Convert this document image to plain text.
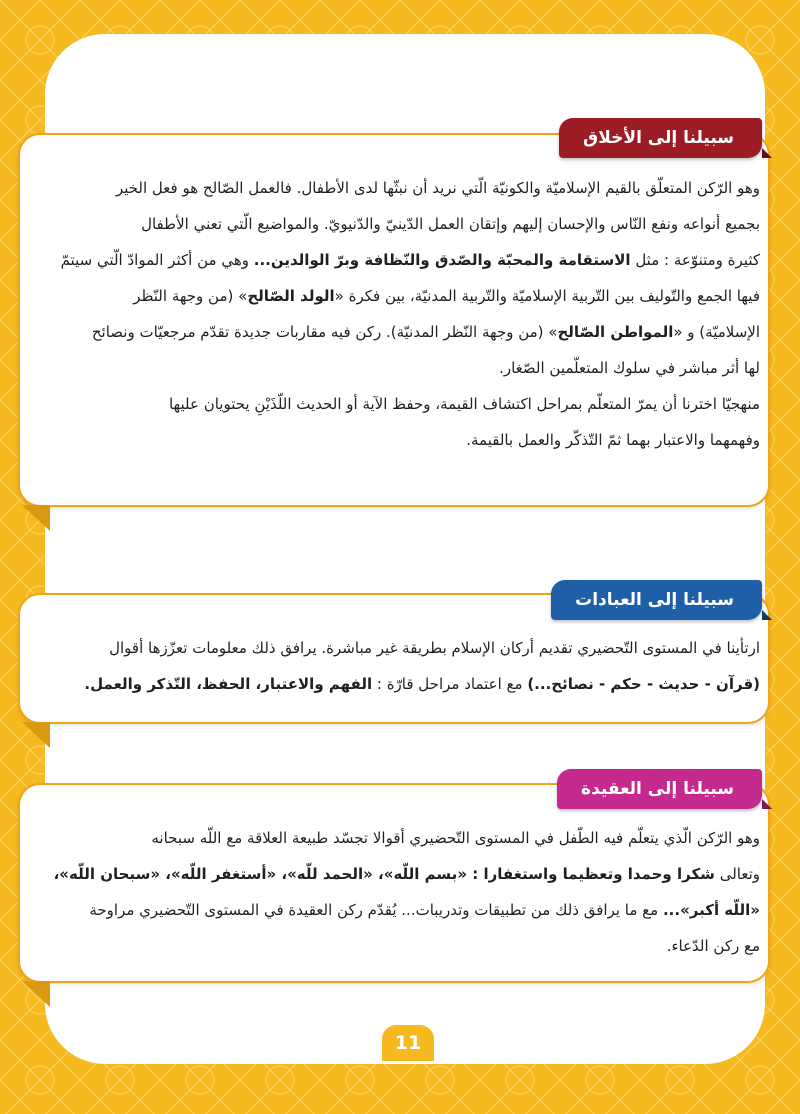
سبيلنا إلى الأخلاق

وهو الرّكن المتعلّق بالقيم الإسلاميّة والكونيّة الّتي نريد أن نبثّها لدى الأطفال. فالعمل الصّالح هو فعل الخير

بجميع أنواعه ونفع النّاس والإحسان إليهم وإتقان العمل الدّينيّ والدّنيويّ. والمواضيع الّتي تعني الأطفال

كثيرة ومتنوّعة : مثل الاستقامة والمحبّة والصّدق والنّظافة وبرّ الوالدين... وهي من أكثر الموادّ الّتي سيتمّ

فيها الجمع والتّوليف بين التّربية الإسلاميّة والتّربية المدنيّة، بين فكرة «الولد الصّالح» (من وجهة النّظر

الإسلاميّة) و «المواطن الصّالح» (من وجهة النّظر المدنيّة). ركن فيه مقاربات جديدة تقدّم مرجعيّات ونصائح

لها أثر مباشر في سلوك المتعلّمين الصّغار.

منهجيّا اخترنا أن يمرّ المتعلّم بمراحل اكتشاف القيمة، وحفظ الآية أو الحديث اللّذَيْنِ يحتويان عليها

وفهمهما والاعتبار بهما ثمّ التّذكّر والعمل بالقيمة.

سبيلنا إلى العبادات

ارتأينا في المستوى التّحضيري تقديم أركان الإسلام بطريقة غير مباشرة. يرافق ذلك معلومات تعزّزها أقوال

(قرآن - حديث - حكم - نصائح...) مع اعتماد مراحل قارّة : الفهم والاعتبار، الحفظ، التّذكر والعمل.

سبيلنا إلى العقيدة

وهو الرّكن الّذي يتعلّم فيه الطّفل في المستوى التّحضيري أقوالا تجسّد طبيعة العلاقة مع اللّه سبحانه

وتعالى شكرا وحمدا وتعظيما واستغفارا : «بسم اللّه»، «الحمد للّه»، «أستغفر اللّه»، «سبحان اللّه»،

«اللّه أكبر»... مع ما يرافق ذلك من تطبيقات وتدريبات... يُقدّم ركن العقيدة في المستوى التّحضيري مراوحة

مع ركن الدّعاء.

11
